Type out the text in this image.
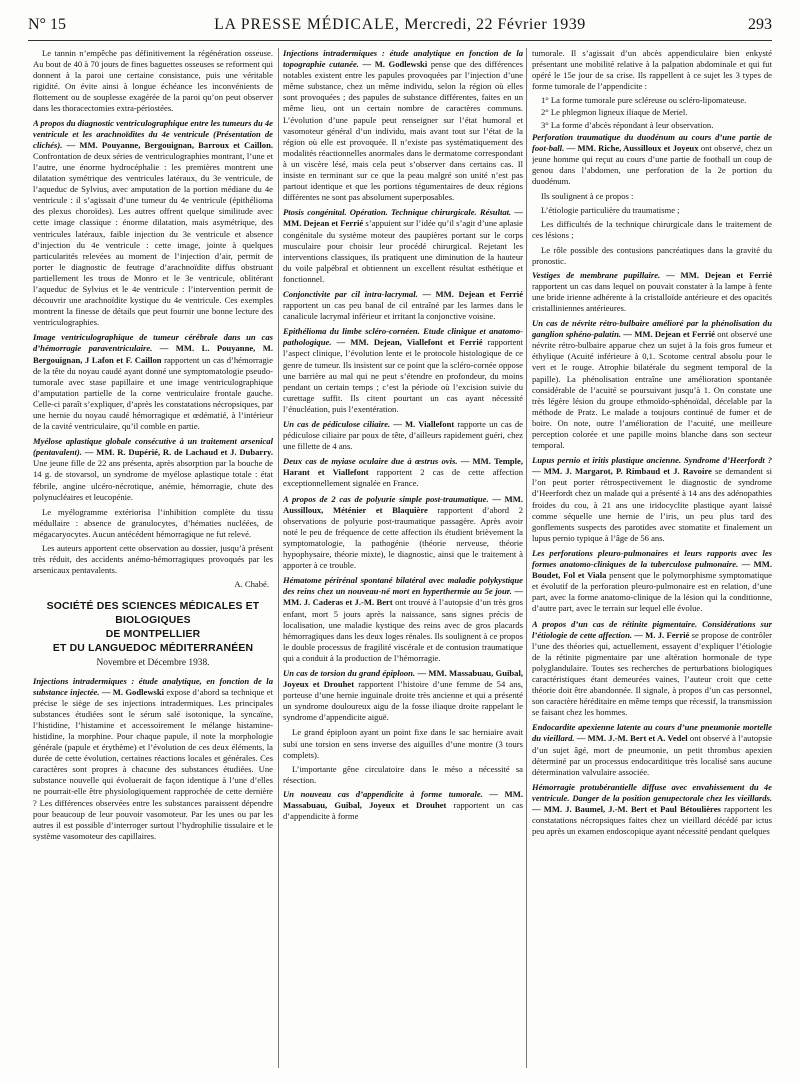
N° 15	LA PRESSE MÉDICALE, Mercredi, 22 Février 1939	293

Le tannin n’empêche pas définitivement la régénération osseuse. Au bout de 40 à 70 jours de fines baguettes osseuses se reforment qui donnent à la paroi une certaine consistance, puis une véritable rigidité. On évite ainsi à longue échéance les inconvénients de flottement ou de souplesse exagérée de la paroi qu’on peut observer dans les thoracectomies extra-périostées.

A propos du diagnostic ventriculographique entre les tumeurs du 4e ventricule et les arachnoïdites du 4e ventricule (Présentation de clichés). — MM. Pouyanne, Bergouignan, Barroux et Caillon. Confrontation de deux séries de ventriculographies montrant, l’une et l’autre, une énorme hydrocéphalie : les premières montrent une dilatation symétrique des ventricules latéraux, du 3e ventricule, de l’aqueduc de Sylvius, avec amputation de la portion médiane du 4e ventricule : il s’agissait d’une tumeur du 4e ventricule (épithélioma des plexus choroïdes). Les autres offrent quelque similitude avec cette image classique : énorme dilatation, mais asymétrique, des ventricules latéraux, faible injection du 3e ventricule et absence d’injection du 4e ventricule : cette image, jointe à quelques particularités relevées au moment de l’injection d’air, permit de porter le diagnostic de feutrage d’arachnoïdite diffus obstruant partiellement les trous de Monro et le 3e ventricule, oblitérant l’aqueduc de Sylvius et le 4e ventricule : l’intervention permit de découvrir une arachnoïdite kystique du 4e ventricule. Ces exemples montrent la finesse de détails que peut fournir une bonne lecture des ventriculographies.
Image ventriculographique de tumeur cérébrale dans un cas d’hémorragie paraventriculaire. — MM. L. Pouyanne, M. Bergouignan, J Lafon et F. Caillon rapportent un cas d’hémorragie de la tête du noyau caudé ayant donné une symptomatologie pseudo-tumorale avec stase papillaire et une image ventriculographique d’amputation partielle de la corne ventriculaire frontale gauche. Celle-ci paraît s’expliquer, d’après les constatations nécropsiques, par une hernie du noyau caudé hémorragique et œdématié, à l’intérieur de la cavité ventriculaire, qu’il comble en partie.
Myélose aplastique globale consécutive à un traitement arsenical (pentavalent). — MM. R. Dupérié, R. de Lachaud et J. Dubarry. Une jeune fille de 22 ans présenta, après absorption par la bouche de 14 g. de stovarsol, un syndrome de myélose aplastique totale : état fébrile, angine ulcéro-nécrotique, anémie, hémorragie, chute des polynucléaires et leucopénie.

Le myélogramme extériorisa l’inhibition complète du tissu médullaire : absence de granulocytes, d’hématies nucléées, de mégacaryocytes. Aucun antécédent hémorragique ne fut relevé.

Les auteurs apportent cette observation au dossier, jusqu’à présent très réduit, des accidents anémo-hémorragiques provoqués par les arsenicaux pentavalents.

A. Chabé.

SOCIÉTÉ DES SCIENCES MÉDICALES ET BIOLOGIQUES
DE MONTPELLIER
ET DU LANGUEDOC MÉDITERRANÉEN
Novembre et Décembre 1938.
Injections intradermiques : étude analytique, en fonction de la substance injectée. — M. Godlewski expose d’abord sa technique et précise le siège de ses injections intradermiques. Les principales substances étudiées sont le sérum salé isotonique, la syncaïne, l’histidine, l’histamine et accessoirement le mélange histamine-histidine, la morphine. Pour chaque papule, il note la morphologie générale (papule et érythème) et l’évolution de ces deux éléments, la durée de cette évolution, certaines réactions locales et générales. Ces caractères sont propres à chacune des substances étudiées. Une substance nouvelle qui évoluerait de façon identique à l’une d’elles ne pourrait-elle être physiologiquement rapprochée de cette dernière ? Les différences observées entre les substances paraissent dépendre pour beaucoup de leur pouvoir vasomoteur. Par les unes ou par les autres il est possible d’interroger surtout l’hydrophilie tissulaire et le système vasomoteur des capillaires.
Injections intradermiques : étude analytique en fonction de la topographie cutanée. — M. Godlewski pense que des différences notables existent entre les papules provoquées par l’injection d’une même substance, chez un même individu, selon la région où elles sont provoquées ; des papules de substance différentes, faites en un même lieu, ont un certain nombre de caractères communs. L’évolution d’une papule peut renseigner sur l’état humoral et vasomoteur général d’un individu, mais avant tout sur l’état de la région où elle est provoquée. Il n’existe pas systématiquement des modalités réactionnelles anormales dans le dermatome correspondant à un viscère lésé, mais cela peut s’observer dans certains cas. Il insiste en terminant sur ce que la peau malgré son unité n’est pas partout identique et que les portions tégumentaires de deux régions différentes ne sont pas absolument superposables.
Ptosis congénital. Opération. Technique chirurgicale. Résultat. — MM. Dejean et Ferrié s’appuient sur l’idée qu’il s’agit d’une aplasie congénitale du système moteur des paupières portant sur le corps musculaire pour choisir leur procédé chirurgical. Rejetant les interventions classiques, ils pratiquent une diminution de la hauteur du voile palpébral et obtiennent un excellent résultat esthétique et fonctionnel.
Conjonctivite par cil intra-lacrymal. — MM. Dejean et Ferrié rapportent un cas peu banal de cil entraîné par les larmes dans le canalicule lacrymal inférieur et irritant la conjonctive voisine.
Epithélioma du limbe scléro-cornéen. Etude clinique et anatomo-pathologique. — MM. Dejean, Viallefont et Ferrié rapportent l’aspect clinique, l’évolution lente et le protocole histologique de ce genre de tumeur. Ils insistent sur ce point que la scléro-cornée oppose une barrière au mal qui ne peut s’étendre en profondeur, du moins pendant un certain temps ; c’est la période où l’excision suivie du curettage suffit. Ils citent pourtant un cas ayant nécessité l’énucléation, puis l’exentération.
Un cas de pédiculose ciliaire. — M. Viallefont rapporte un cas de pédiculose ciliaire par poux de tête, d’ailleurs rapidement guéri, chez une fillette de 4 ans.
Deux cas de myiase oculaire due à œstrus ovis. — MM. Temple, Harant et Viallefont rapportent 2 cas de cette affection exceptionnellement signalée en France.
A propos de 2 cas de polyurie simple post-traumatique. — MM. Aussilloux, Méténier et Blaquière rapportent d’abord 2 observations de polyurie post-traumatique passagère. Après avoir noté le peu de fréquence de cette affection ils étudient brièvement la symptomatologie, la pathogénie (théorie nerveuse, théorie hypophysaire, théorie mixte), le diagnostic, ainsi que le traitement à apporter à ce trouble.
Hématome périrénal spontané bilatéral avec maladie polykystique des reins chez un nouveau-né mort en hyperthermie au 5e jour. — MM. J. Caderas et J.-M. Bert ont trouvé à l’autopsie d’un très gros enfant, mort 5 jours après la naissance, sans signes précis de localisation, une maladie kystique des reins avec de gros placards hémorragiques dans les deux loges rénales. Ils soulignent à ce propos le double processus de fragilité viscérale et de contusion traumatique qui a conduit à la production de l’hémorragie.
Un cas de torsion du grand épiploon. — MM. Massabuau, Guibal, Joyeux et Drouhet rapportent l’histoire d’une femme de 54 ans, porteuse d’une hernie inguinale droite très ancienne et qui a présenté un syndrome douloureux aigu de la fosse iliaque droite rappelant le syndrome d’appendicite aiguë.

Le grand épiploon ayant un point fixe dans le sac herniaire avait subi une torsion en sens inverse des aiguilles d’une montre (3 tours complets).

L’importante gêne circulatoire dans le méso a nécessité sa résection.

Un nouveau cas d’appendicite à forme tumorale. — MM. Massabuau, Guibal, Joyeux et Drouhet rapportent un cas d’appendicite à forme

tumorale. Il s’agissait d’un abcès appendiculaire bien enkysté présentant une mobilité relative à la palpation abdominale et qui fut opéré le 15e jour de sa crise. Ils rappellent à ce sujet les 3 types de forme tumorale de l’appendicite :

1° La forme tumorale pure scléreuse ou scléro-lipomateuse.

2° Le phlegmon ligneux iliaque de Meriel.

3° La forme d’abcès répondant à leur observation.

Perforation traumatique du duodénum au cours d’une partie de foot-ball. — MM. Riche, Aussilloux et Joyeux ont observé, chez un jeune homme qui reçut au cours d’une partie de football un coup de genou dans l’abdomen, une perforation de la 2e portion du duodénum.

Ils soulignent à ce propos :

L’étiologie particulière du traumatisme ;

Les difficultés de la technique chirurgicale dans le traitement de ces lésions ;

Le rôle possible des contusions pancréatiques dans la gravité du pronostic.

Vestiges de membrane pupillaire. — MM. Dejean et Ferrié rapportent un cas dans lequel on pouvait constater à la lampe à fente une bride irienne adhérente à la cristalloïde antérieure et des opacités cristalliniennes antérieures.
Un cas de névrite rétro-bulbaire amélioré par la phénolisation du ganglion sphéno-palatin. — MM. Dejean et Ferrié ont observé une névrite rétro-bulbaire apparue chez un sujet à la fois gros fumeur et éthylique (Acuité inférieure à 0,1. Scotome central absolu pour le vert et le rouge. Atrophie bilatérale du segment temporal de la papille). La phénolisation entraîne une amélioration spontanée considérable de l’acuité se poursuivant jusqu’à 1. On constate une très légère lésion du groupe ethmoïdo-sphénoïdal, décelable par la méthode de Pratz. Le malade a toujours continué de fumer et de boire. On note, outre l’amélioration de l’acuité, une meilleure perception colorée et une papille moins blanche dans son secteur temporal.
Lupus pernio et iritis plastique ancienne. Syndrome d’Heerfordt ? — MM. J. Margarot, P. Rimbaud et J. Ravoire se demandent si l’on peut porter rétrospectivement le diagnostic de syndrome d’Heerfordt chez un malade qui a présenté à 14 ans des adénopathies froides du cou, à 21 ans une iridocyclite plastique ayant laissé comme séquelle une hernie de l’iris, un peu plus tard des gonflements suspects des parotides avec stomatite et finalement un lupus pernio typique à l’âge de 56 ans.
Les perforations pleuro-pulmonaires et leurs rapports avec les formes anatomo-cliniques de la tuberculose pulmonaire. — MM. Boudet, Fol et Viala pensent que le polymorphisme symptomatique et évolutif de la perforation pleuro-pulmonaire est en relation, d’une part, avec la forme anatomo-clinique de la lésion qui la conditionne, d’autre part, avec le terrain sur lequel elle évolue.
A propos d’un cas de rétinite pigmentaire. Considérations sur l’étiologie de cette affection. — M. J. Ferrié se propose de contrôler l’une des théories qui, actuellement, essayent d’expliquer l’étiologie de la rétinite pigmentaire par une altération hormonale de type polyglandulaire. Toutes ses recherches de perturbations biologiques caractéristiques étant demeurées vaines, l’auteur croit que cette théorie doit être abandonnée. Il signale, à propos d’un cas personnel, son caractère héréditaire en même temps que récessif, la transmission se faisant chez les hommes.
Endocardite apexienne latente au cours d’une pneumonie mortelle du vieillard. — MM. J.-M. Bert et A. Vedel ont observé à l’autopsie d’un sujet âgé, mort de pneumonie, un petit thrombus apexien déterminé par un processus endocarditique très localisé sans aucune détermination valvulaire associée.
Hémorragie protubérantielle diffuse avec envahissement du 4e ventricule. Danger de la position genupectorale chez les vieillards. — MM. J. Baumel, J.-M. Bert et Paul Bétoulières rapportent les constatations nécropsiques faites chez un vieillard décédé par ictus peu après un examen endoscopique ayant nécessité pendant quelques
